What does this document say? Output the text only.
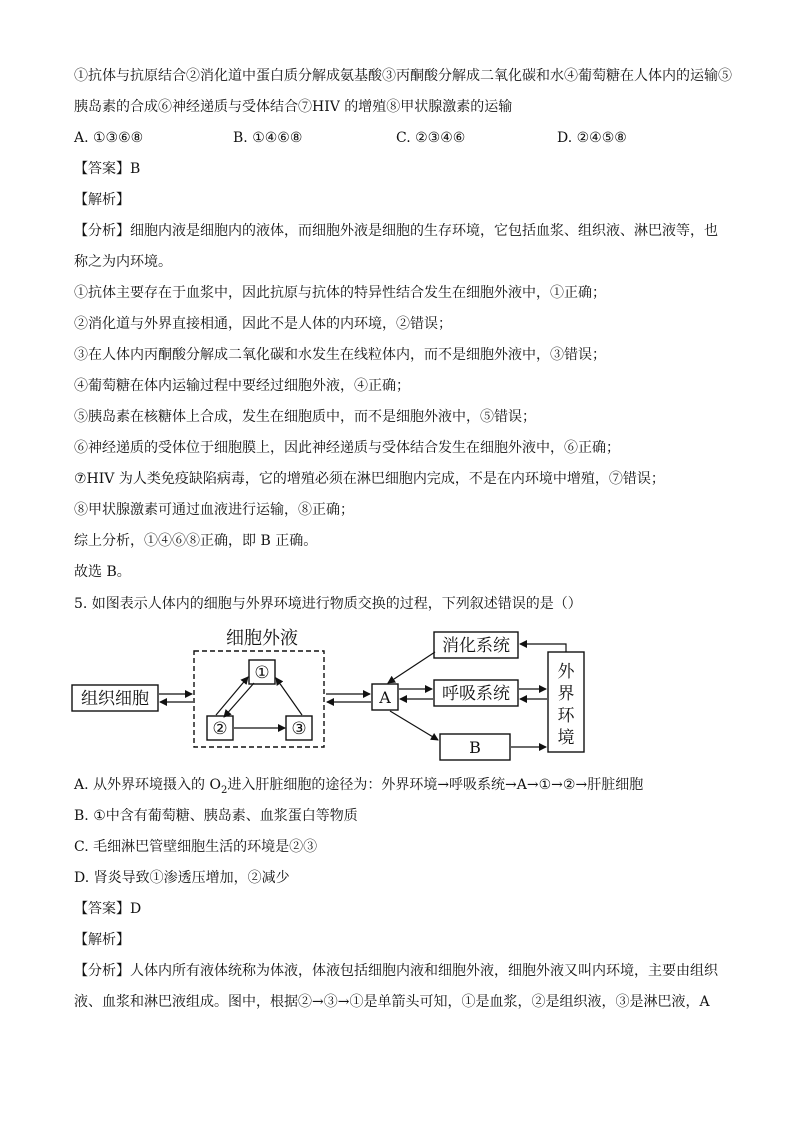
①抗体与抗原结合②消化道中蛋白质分解成氨基酸③丙酮酸分解成二氧化碳和水④葡萄糖在人体内的运输⑤
胰岛素的合成⑥神经递质与受体结合⑦HIV 的增殖⑧甲状腺激素的运输
A. ①③⑥⑧	B. ①④⑥⑧	C. ②③④⑥	D. ②④⑤⑧
【答案】B
【解析】
【分析】细胞内液是细胞内的液体，而细胞外液是细胞的生存环境，它包括血浆、组织液、淋巴液等，也
称之为内环境。
①抗体主要存在于血浆中，因此抗原与抗体的特异性结合发生在细胞外液中，①正确；
②消化道与外界直接相通，因此不是人体的内环境，②错误；
③在人体内丙酮酸分解成二氧化碳和水发生在线粒体内，而不是细胞外液中，③错误；
④葡萄糖在体内运输过程中要经过细胞外液，④正确；
⑤胰岛素在核糖体上合成，发生在细胞质中，而不是细胞外液中，⑤错误；
⑥神经递质的受体位于细胞膜上，因此神经递质与受体结合发生在细胞外液中，⑥正确；
⑦HIV 为人类免疫缺陷病毒，它的增殖必须在淋巴细胞内完成，不是在内环境中增殖，⑦错误；
⑧甲状腺激素可通过血液进行运输，⑧正确；
综上分析，①④⑥⑧正确，即 B 正确。
故选 B。
5. 如图表示人体内的细胞与外界环境进行物质交换的过程，下列叙述错误的是（）
细胞外液
①
②	③
组织细胞	A
消化系统
呼吸系统
B
外
界
环
境
A. 从外界环境摄入的 $O_2$进入肝脏细胞的途径为：外界环境→呼吸系统→A→①→②→肝脏细胞
B. ①中含有葡萄糖、胰岛素、血浆蛋白等物质
C. 毛细淋巴管壁细胞生活的环境是②③
D. 肾炎导致①渗透压增加，②减少
【答案】D
【解析】
【分析】人体内所有液体统称为体液，体液包括细胞内液和细胞外液，细胞外液又叫内环境，主要由组织
液、血浆和淋巴液组成。图中，根据②→③→①是单箭头可知，①是血浆，②是组织液，③是淋巴液，A
